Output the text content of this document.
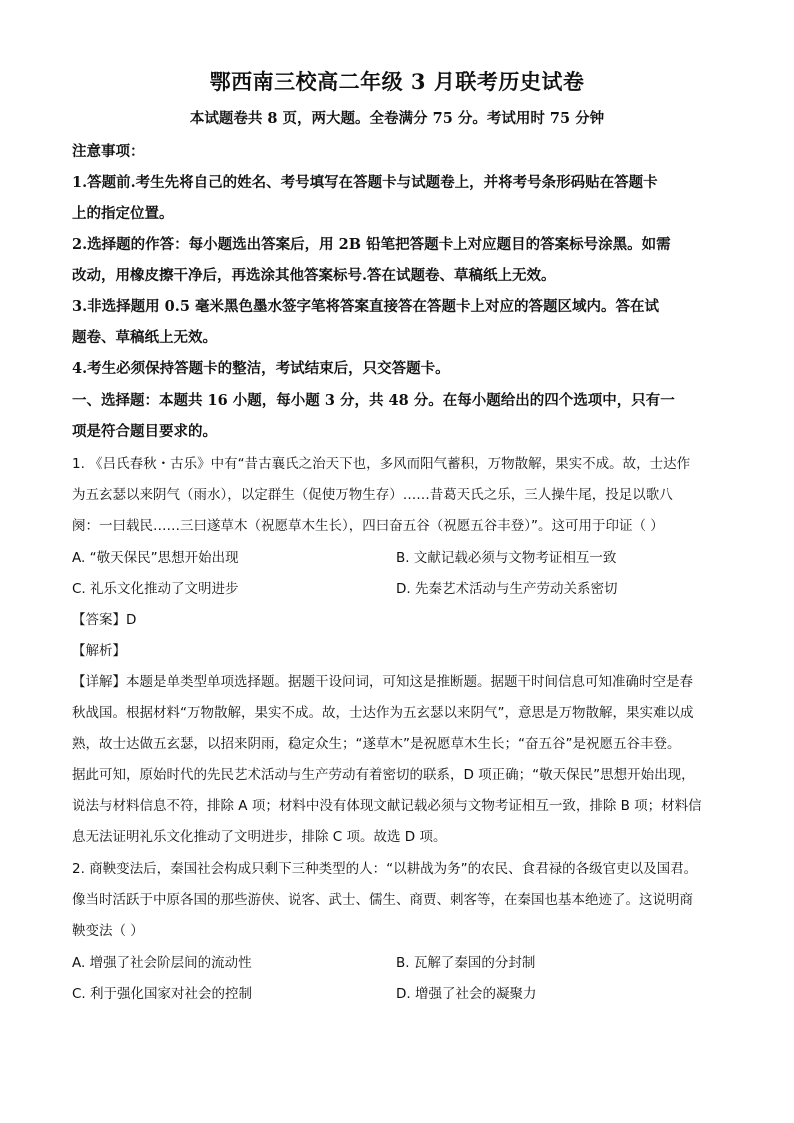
鄂西南三校高二年级 3 月联考历史试卷
本试题卷共 8 页，两大题。全卷满分 75 分。考试用时 75 分钟
注意事项：
1.答题前.考生先将自己的姓名、考号填写在答题卡与试题卷上，并将考号条形码贴在答题卡
上的指定位置。
2.选择题的作答：每小题选出答案后，用 2B 铅笔把答题卡上对应题目的答案标号涂黑。如需
改动，用橡皮擦干净后，再选涂其他答案标号.答在试题卷、草稿纸上无效。
3.非选择题用 0.5 毫米黑色墨水签字笔将答案直接答在答题卡上对应的答题区域内。答在试
题卷、草稿纸上无效。
4.考生必须保持答题卡的整洁，考试结束后，只交答题卡。
一、选择题：本题共 16 小题，每小题 3 分，共 48 分。在每小题给出的四个选项中，只有一
项是符合题目要求的。
1. 《吕氏春秋・古乐》中有“昔古襄氏之治天下也，多风而阳气蓄积，万物散解，果实不成。故，士达作
为五玄瑟以来阴气（雨水），以定群生（促使万物生存）……昔葛天氏之乐，三人操牛尾，投足以歌八
阕：一曰载民……三曰遂草木（祝愿草木生长），四曰奋五谷（祝愿五谷丰登）”。这可用于印证（ ）
A. “敬天保民”思想开始出现	B. 文献记载必须与文物考证相互一致
C. 礼乐文化推动了文明进步	D. 先秦艺术活动与生产劳动关系密切
【答案】D
【解析】
【详解】本题是单类型单项选择题。据题干设问词，可知这是推断题。据题干时间信息可知准确时空是春
秋战国。根据材料“万物散解，果实不成。故，士达作为五玄瑟以来阴气”，意思是万物散解，果实难以成
熟，故士达做五玄瑟，以招来阴雨，稳定众生；“遂草木”是祝愿草木生长；“奋五谷”是祝愿五谷丰登。
据此可知，原始时代的先民艺术活动与生产劳动有着密切的联系，D 项正确；“敬天保民”思想开始出现，
说法与材料信息不符，排除 A 项；材料中没有体现文献记载必须与文物考证相互一致，排除 B 项；材料信
息无法证明礼乐文化推动了文明进步，排除 C 项。故选 D 项。
2. 商鞅变法后，秦国社会构成只剩下三种类型的人：“以耕战为务”的农民、食君禄的各级官吏以及国君。
像当时活跃于中原各国的那些游侠、说客、武士、儒生、商贾、刺客等，在秦国也基本绝迹了。这说明商
鞅变法（ ）
A. 增强了社会阶层间的流动性	B. 瓦解了秦国的分封制
C. 利于强化国家对社会的控制	D. 增强了社会的凝聚力
